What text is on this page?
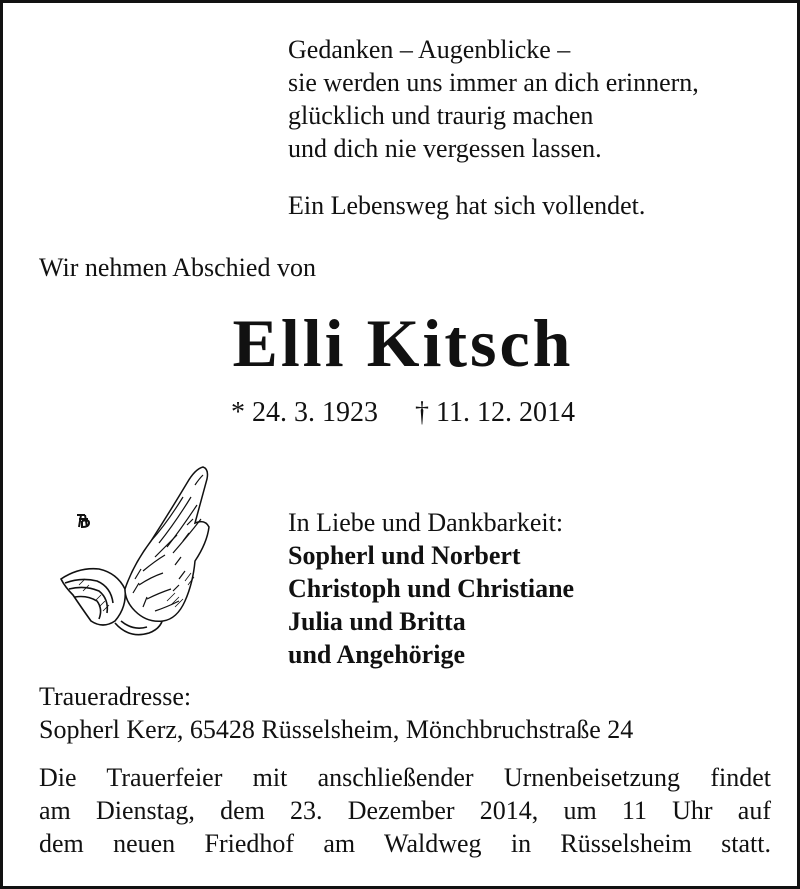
Gedanken – Augenblicke –
sie werden uns immer an dich erinnern,
glücklich und traurig machen
und dich nie vergessen lassen.
Ein Lebensweg hat sich vollendet.
Wir nehmen Abschied von
Elli Kitsch
* 24. 3. 1923 † 11. 12. 2014
In Liebe und Dankbarkeit:
Sopherl und Norbert
Christoph und Christiane
Julia und Britta
und Angehörige
Traueradresse:
Sopherl Kerz, 65428 Rüsselsheim, Mönchbruchstraße 24
Die Trauerfeier mit anschließender Urnenbeisetzung findet
am Dienstag, dem 23. Dezember 2014, um 11 Uhr auf
dem neuen Friedhof am Waldweg in Rüsselsheim statt.
